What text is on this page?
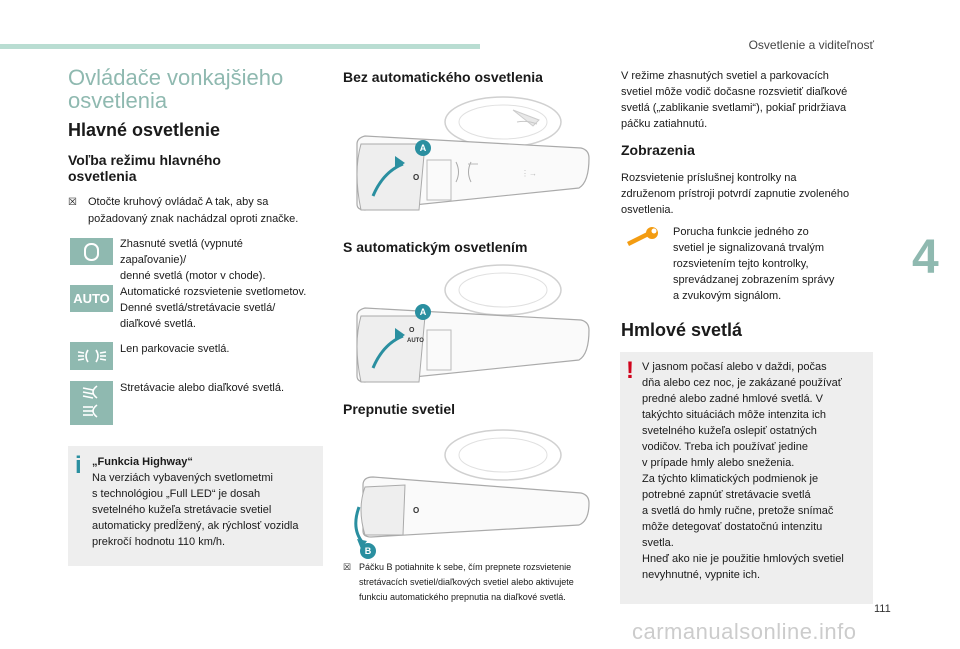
Osvetlenie a viditeľnosť
Ovládače vonkajšieho
osvetlenia
Hlavné osvetlenie
Voľba režimu hlavného
osvetlenia
☒ Otočte kruhový ovládač A tak, aby sa
požadovaný znak nachádzal oproti značke.
Zhasnuté svetlá (vypnuté
zapaľovanie)/
denné svetlá (motor v chode).
AUTO Automatické rozsvietenie svetlometov.
Denné svetlá/stretávacie svetlá/
diaľkové svetlá.
Len parkovacie svetlá.
Stretávacie alebo diaľkové svetlá.
i „Funkcia Highway“
Na verziách vybavených svetlometmi
s technológiou „Full LED“ je dosah
svetelného kužeľa stretávacie svetiel
automaticky predĺžený, ak rýchlosť vozidla
prekročí hodnotu 110 km/h.
Bez automatického osvetlenia
O	⋮→
A
S automatickým osvetlením
O
AUTO
A
Prepnutie svetiel
O
B
☒ Páčku B potiahnite k sebe, čím prepnete rozsvietenie
stretávacích svetiel/diaľkových svetiel alebo aktivujete
funkciu automatického prepnutia na diaľkové svetlá.
V režime zhasnutých svetiel a parkovacích
svetiel môže vodič dočasne rozsvietiť diaľkové
svetlá („zablikanie svetlami“), pokiaľ pridržiava
páčku zatiahnutú.
Zobrazenia
Rozsvietenie príslušnej kontrolky na
združenom prístroji potvrdí zapnutie zvoleného
osvetlenia.
Porucha funkcie jedného zo
svetiel je signalizovaná trvalým
rozsvietením tejto kontrolky,
sprevádzanej zobrazením správy
a zvukovým signálom.
Hmlové svetlá
! V jasnom počasí alebo v daždi, počas
dňa alebo cez noc, je zakázané používať
predné alebo zadné hmlové svetlá. V
takýchto situáciách môže intenzita ich
svetelného kužeľa oslepiť ostatných
vodičov. Treba ich používať jedine
v prípade hmly alebo sneženia.
Za týchto klimatických podmienok je
potrebné zapnúť stretávacie svetlá
a svetlá do hmly ručne, pretože snímač
môže detegovať dostatočnú intenzitu
svetla.
Hneď ako nie je použitie hmlových svetiel
nevyhnutné, vypnite ich.
4
111
carmanualsonline.info
